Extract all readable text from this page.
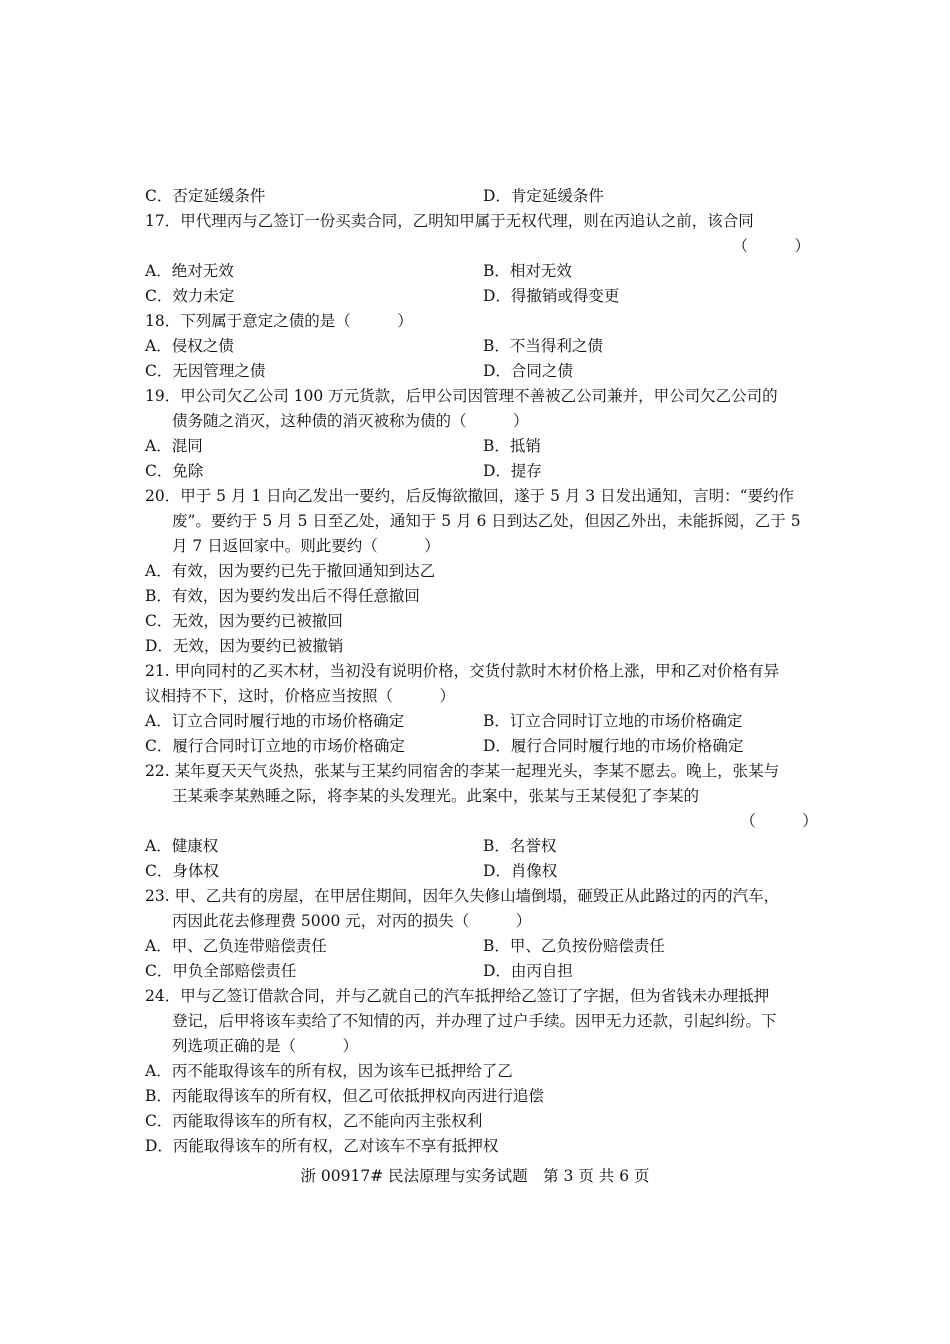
C．否定延缓条件	D．肯定延缓条件
17．甲代理丙与乙签订一份买卖合同，乙明知甲属于无权代理，则在丙追认之前，该合同
（　　　）
A．绝对无效	B．相对无效
C．效力未定	D．得撤销或得变更
18．下列属于意定之债的是（　　　）
A．侵权之债	B．不当得利之债
C．无因管理之债	D．合同之债
19．甲公司欠乙公司 100 万元货款，后甲公司因管理不善被乙公司兼并，甲公司欠乙公司的
债务随之消灭，这种债的消灭被称为债的（　　　）
A．混同	B．抵销
C．免除	D．提存
20．甲于 5 月 1 日向乙发出一要约，后反悔欲撤回，遂于 5 月 3 日发出通知，言明：“要约作
废”。要约于 5 月 5 日至乙处，通知于 5 月 6 日到达乙处，但因乙外出，未能拆阅，乙于 5
月 7 日返回家中。则此要约（　　　）
A．有效，因为要约已先于撤回通知到达乙
B．有效，因为要约发出后不得任意撤回
C．无效，因为要约已被撤回
D．无效，因为要约已被撤销
21. 甲向同村的乙买木材，当初没有说明价格，交货付款时木材价格上涨，甲和乙对价格有异
议相持不下，这时，价格应当按照（　　　）
A．订立合同时履行地的市场价格确定	B．订立合同时订立地的市场价格确定
C．履行合同时订立地的市场价格确定	D．履行合同时履行地的市场价格确定
22. 某年夏天天气炎热，张某与王某约同宿舍的李某一起理光头，李某不愿去。晚上，张某与
王某乘李某熟睡之际，将李某的头发理光。此案中，张某与王某侵犯了李某的
（　　　）　
A．健康权	B．名誉权
C．身体权	D．肖像权
23. 甲、乙共有的房屋，在甲居住期间，因年久失修山墙倒塌，砸毁正从此路过的丙的汽车，
丙因此花去修理费 5000 元，对丙的损失（　　　）
A．甲、乙负连带赔偿责任	B．甲、乙负按份赔偿责任
C．甲负全部赔偿责任	D．由丙自担
24．甲与乙签订借款合同，并与乙就自己的汽车抵押给乙签订了字据，但为省钱未办理抵押
登记，后甲将该车卖给了不知情的丙，并办理了过户手续。因甲无力还款，引起纠纷。下
列选项正确的是（　　　）
A．丙不能取得该车的所有权，因为该车已抵押给了乙
B．丙能取得该车的所有权，但乙可依抵押权向丙进行追偿
C．丙能取得该车的所有权，乙不能向丙主张权利
D．丙能取得该车的所有权，乙对该车不享有抵押权
浙 00917# 民法原理与实务试题　第 3 页 共 6 页
